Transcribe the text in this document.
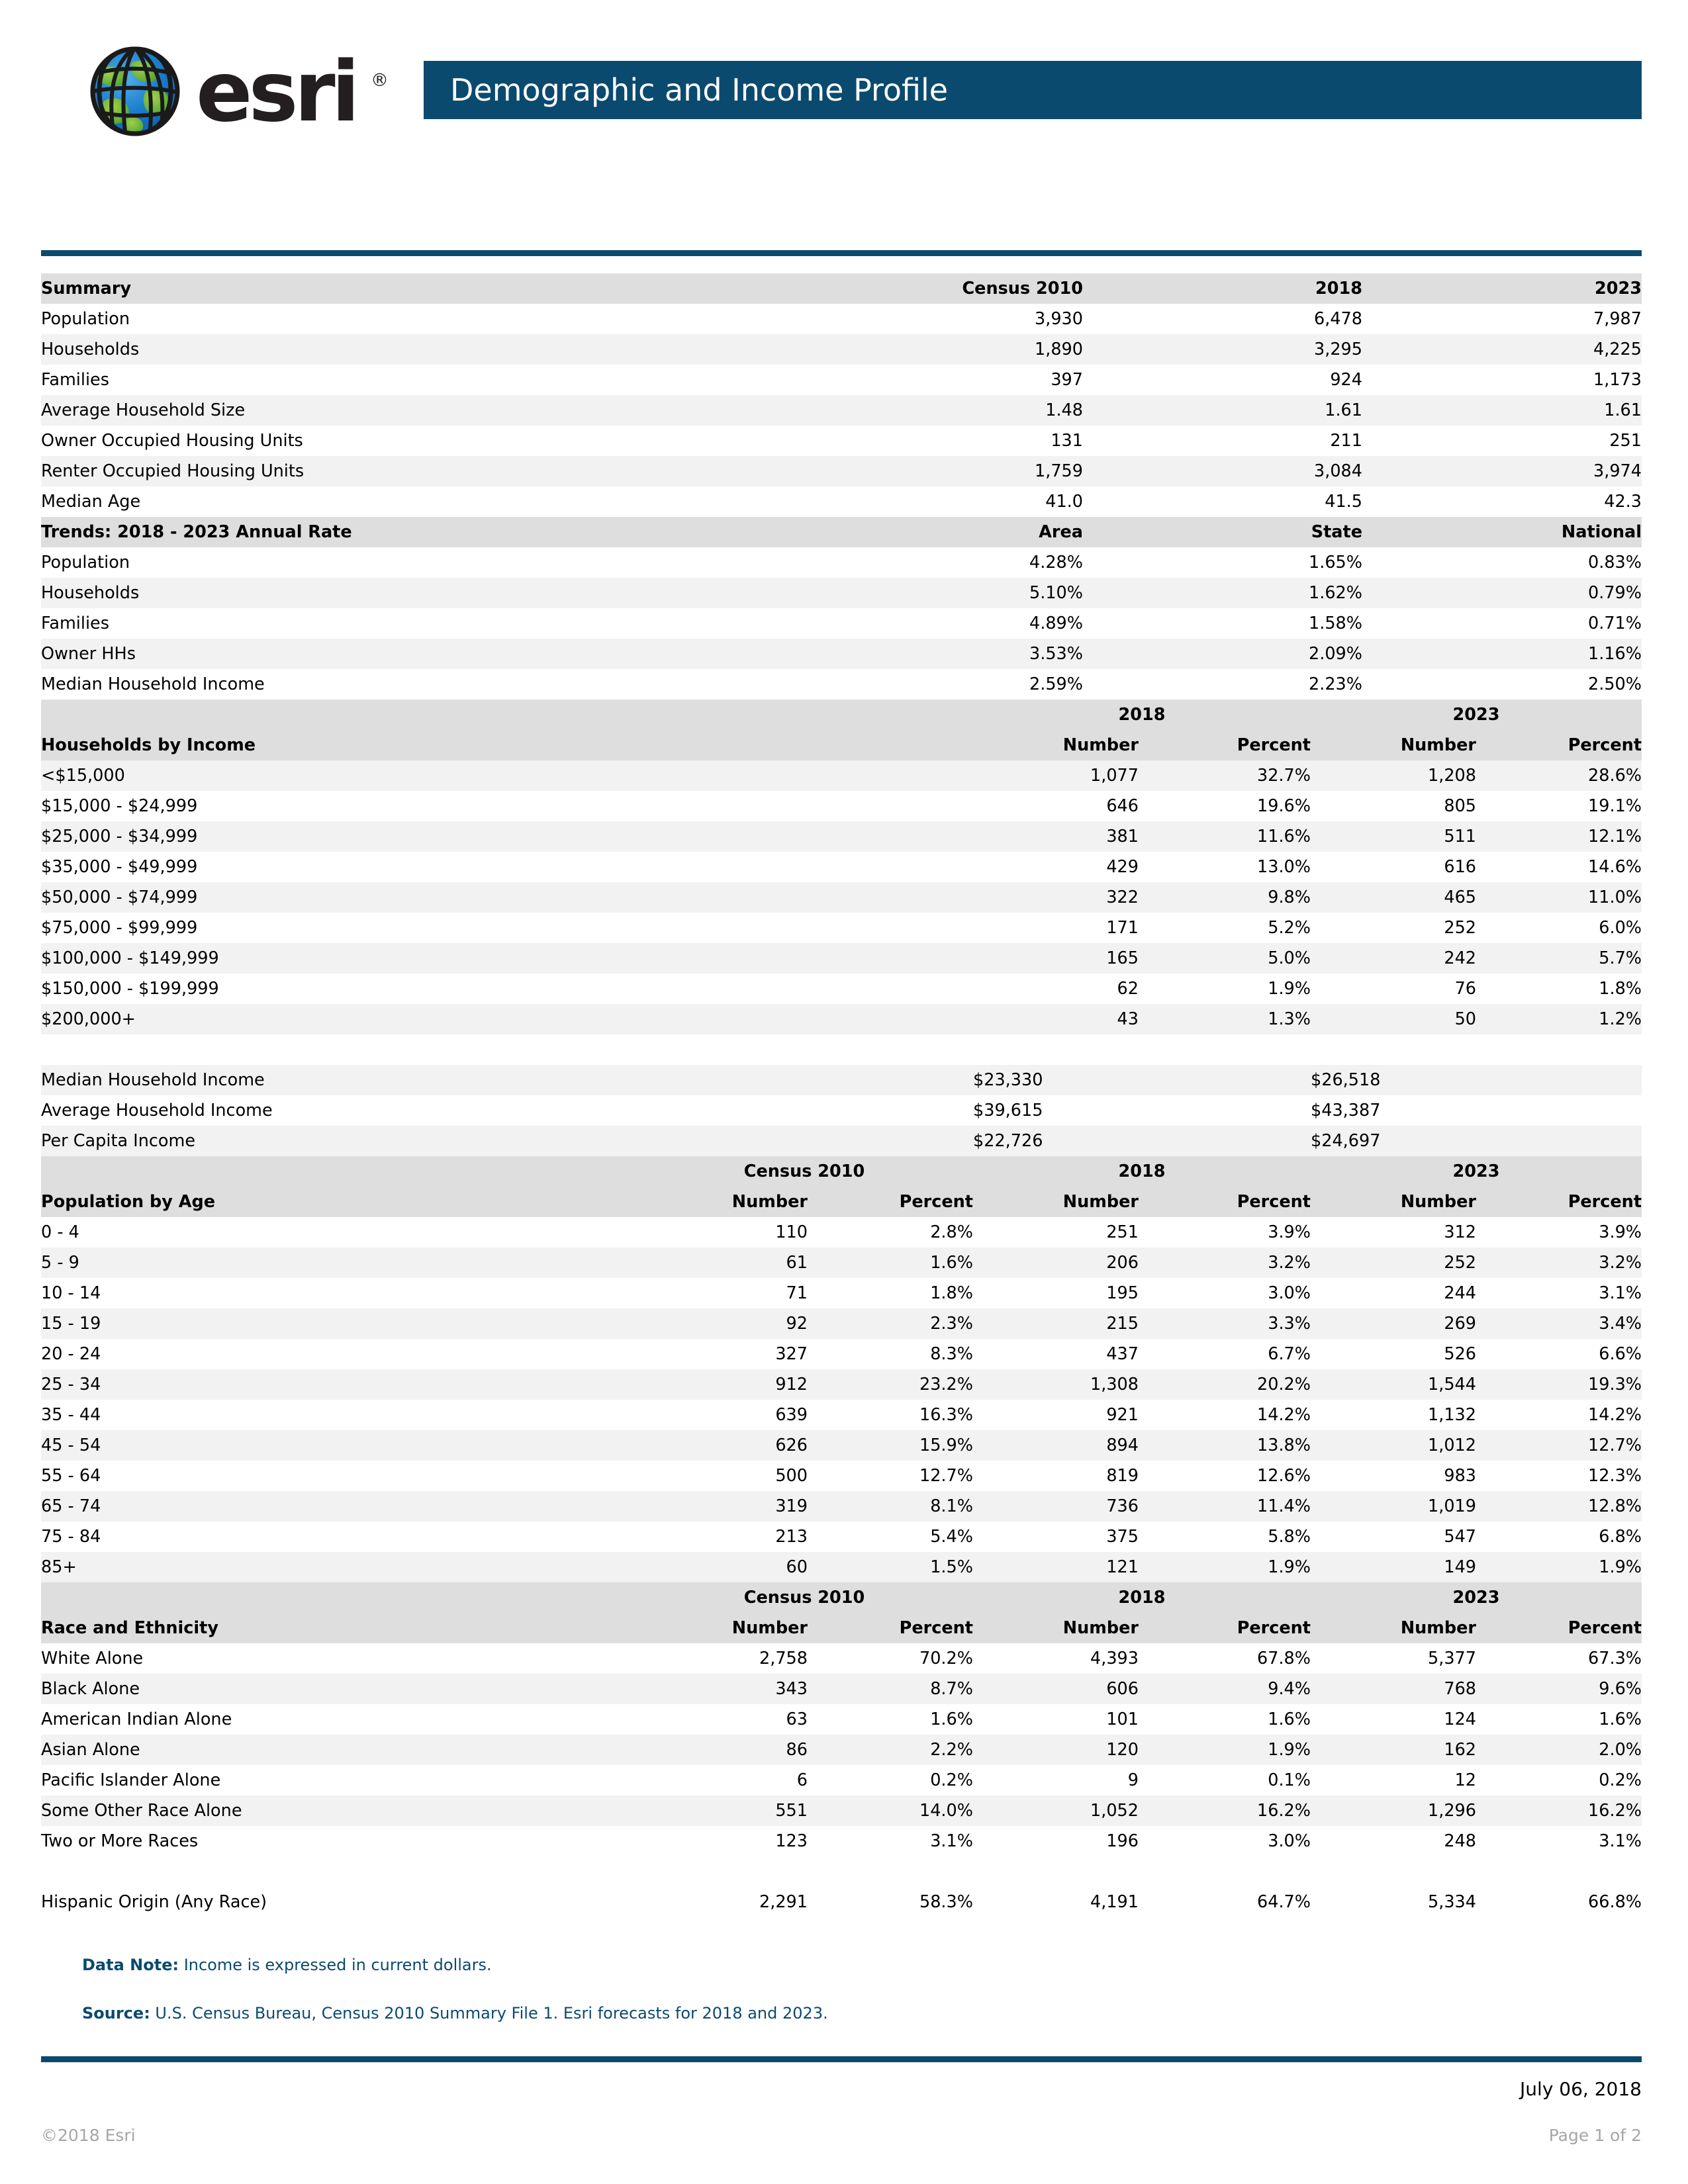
esri ® Demographic and Income Profile
Summary	Census 2010	2018	2023
Population	3,930	6,478	7,987
Households	1,890	3,295	4,225
Families	397	924	1,173
Average Household Size	1.48	1.61	1.61
Owner Occupied Housing Units	131	211	251
Renter Occupied Housing Units	1,759	3,084	3,974
Median Age	41.0	41.5	42.3
Trends: 2018 - 2023 Annual Rate	Area	State	National
Population	4.28%	1.65%	0.83%
Households	5.10%	1.62%	0.79%
Families	4.89%	1.58%	0.71%
Owner HHs	3.53%	2.09%	1.16%
Median Household Income	2.59%	2.23%	2.50%
	2018		2023	
Households by Income	Number	Percent	Number	Percent
<$15,000	1,077	32.7%	1,208	28.6%
$15,000 - $24,999	646	19.6%	805	19.1%
$25,000 - $34,999	381	11.6%	511	12.1%
$35,000 - $49,999	429	13.0%	616	14.6%
$50,000 - $74,999	322	9.8%	465	11.0%
$75,000 - $99,999	171	5.2%	252	6.0%
$100,000 - $149,999	165	5.0%	242	5.7%
$150,000 - $199,999	62	1.9%	76	1.8%
$200,000+	43	1.3%	50	1.2%

Median Household Income	$23,330		$26,518	
Average Household Income	$39,615		$43,387	
Per Capita Income	$22,726		$24,697	
	Census 2010		2018		2023	
Population by Age	Number	Percent	Number	Percent	Number	Percent
0 - 4	110	2.8%	251	3.9%	312	3.9%
5 - 9	61	1.6%	206	3.2%	252	3.2%
10 - 14	71	1.8%	195	3.0%	244	3.1%
15 - 19	92	2.3%	215	3.3%	269	3.4%
20 - 24	327	8.3%	437	6.7%	526	6.6%
25 - 34	912	23.2%	1,308	20.2%	1,544	19.3%
35 - 44	639	16.3%	921	14.2%	1,132	14.2%
45 - 54	626	15.9%	894	13.8%	1,012	12.7%
55 - 64	500	12.7%	819	12.6%	983	12.3%
65 - 74	319	8.1%	736	11.4%	1,019	12.8%
75 - 84	213	5.4%	375	5.8%	547	6.8%
85+	60	1.5%	121	1.9%	149	1.9%
	Census 2010		2018		2023	
Race and Ethnicity	Number	Percent	Number	Percent	Number	Percent
White Alone	2,758	70.2%	4,393	67.8%	5,377	67.3%
Black Alone	343	8.7%	606	9.4%	768	9.6%
American Indian Alone	63	1.6%	101	1.6%	124	1.6%
Asian Alone	86	2.2%	120	1.9%	162	2.0%
Pacific Islander Alone	6	0.2%	9	0.1%	12	0.2%
Some Other Race Alone	551	14.0%	1,052	16.2%	1,296	16.2%
Two or More Races	123	3.1%	196	3.0%	248	3.1%

Hispanic Origin (Any Race)	2,291	58.3%	4,191	64.7%	5,334	66.8%
Data Note: Income is expressed in current dollars.
Source: U.S. Census Bureau, Census 2010 Summary File 1. Esri forecasts for 2018 and 2023.
July 06, 2018
©2018 Esri	Page 1 of 2
